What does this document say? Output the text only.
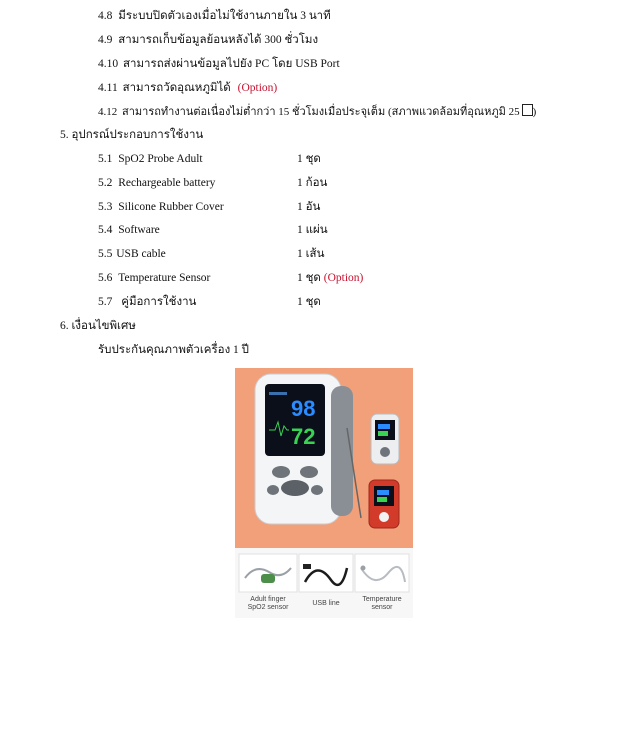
4.8 มีระบบปิดตัวเองเมื่อไม่ใช้งานภายใน 3 นาที
4.9 สามารถเก็บข้อมูลย้อนหลังได้ 300 ชั่วโมง
4.10 สามารถส่งผ่านข้อมูลไปยัง PC โดย USB Port
4.11 สามารถวัดอุณหภูมิได้ (Option)
4.12 สามารถทำงานต่อเนื่องไม่ต่ำกว่า 15 ชั่วโมงเมื่อประจุเต็ม (สภาพแวดล้อมที่อุณหภูมิ 25 )
5. อุปกรณ์ประกอบการใช้งาน
5.1 SpO2 Probe Adult	1 ชุด
5.2 Rechargeable battery	1 ก้อน
5.3 Silicone Rubber Cover	1 อัน
5.4 Software	1 แผ่น
5.5 USB cable	1 เส้น
5.6 Temperature Sensor	1 ชุด (Option)
5.7 คู่มือการใช้งาน	1 ชุด
6. เงื่อนไขพิเศษ
รับประกันคุณภาพตัวเครื่อง 1 ปี
98
72
Adult finger
SpO2 sensor
USB line
Temperature
sensor
